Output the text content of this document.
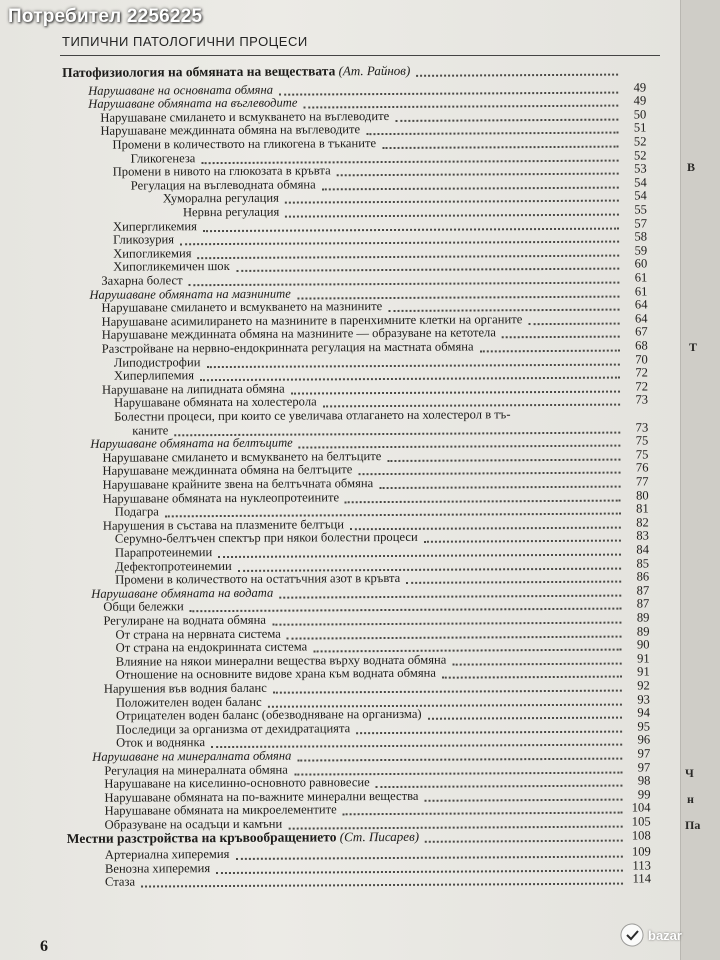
ТИПИЧНИ ПАТОЛОГИЧНИ ПРОЦЕСИ
Патофизиология на обмяната на веществата (Ат. Райнов)
Нарушаване на основната обмяна	49
Нарушаване обмяната на въглеводите	49
Нарушаване смилането и всмукването на въглеводите	50
Нарушаване междинната обмяна на въглеводите	51
Промени в количеството на гликогена в тъканите	52
Гликогенеза	52
Промени в нивото на глюкозата в кръвта	53
Регулация на въглеводната обмяна	54
Хуморална регулация	54
Нервна регулация	55
Хипергликемия	57
Гликозурия	58
Хипогликемия	59
Хипогликемичен шок	60
Захарна болест	61
Нарушаване обмяната на мазнините	61
Нарушаване смилането и всмукването на мазнините	64
Нарушаване асимилирането на мазнините в паренхимните клетки на органите	64
Нарушаване междинната обмяна на мазнините — образуване на кетотела	67
Разстройване на нервно-ендокринната регулация на мастната обмяна	68
Липодистрофии	70
Хиперлипемия	72
Нарушаване на липидната обмяна	72
Нарушаване обмяната на холестерола	73
Болестни процеси, при които се увеличава отлагането на холестерол в тъ-
каните	73
Нарушаване обмяната на белтъците	75
Нарушаване смилането и всмукването на белтъците	75
Нарушаване междинната обмяна на белтъците	76
Нарушаване крайните звена на белтъчната обмяна	77
Нарушаване обмяната на нуклеопротеините	80
Подагра	81
Нарушения в състава на плазмените белтъци	82
Серумно-белтъчен спектър при някои болестни процеси	83
Парапротеинемии	84
Дефектопротеинемии	85
Промени в количеството на остатъчния азот в кръвта	86
Нарушаване обмяната на водата	87
Общи бележки	87
Регулиране на водната обмяна	89
От страна на нервната система	89
От страна на ендокринната система	90
Влияние на някои минерални вещества върху водната обмяна	91
Отношение на основните видове храна към водната обмяна	91
Нарушения във водния баланс	92
Положителен воден баланс	93
Отрицателен воден баланс (обезводняване на организма)	94
Последици за организма от дехидратацията	95
Оток и воднянка	96
Нарушаване на минералната обмяна	97
Регулация на минералната обмяна	97
Нарушаване на киселинно-основното равновесие	98
Нарушаване обмяната на по-важните минерални вещества	99
Нарушаване обмяната на микроелементите	104
Образуване на осадъци и камъни	105
Местни разстройства на кръвообращението (Ст. Писарев)	108
Артериална хиперемия	109
Венозна хиперемия	113
Стаза	114
6
В
Т
Ч
н
Па
Потребител 2256225
bazar
